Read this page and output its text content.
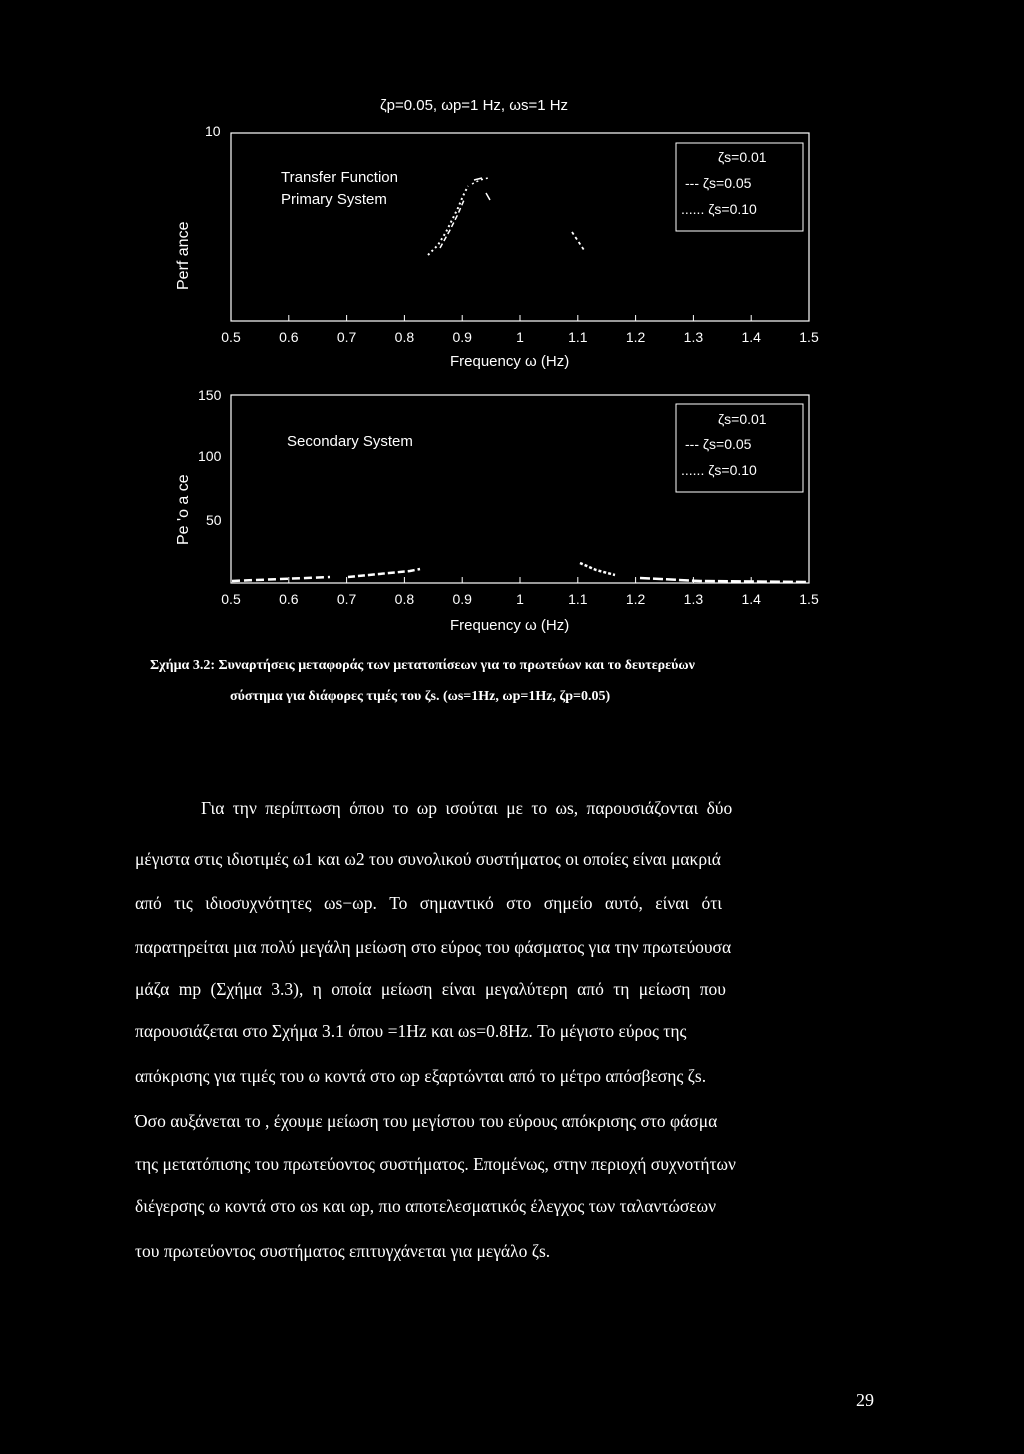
ζp=0.05, ωp=1 Hz, ωs=1 Hz
Perf ance
10
Transfer Function
Primary System
ζs=0.01
--- ζs=0.05
...... ζs=0.10
0.5	0.6	0.7	0.8	0.9	1	1.1	1.2	1.3	1.4	1.5
Frequency ω (Hz)
Pe 'o a ce
150
100
50
Secondary System
ζs=0.01
--- ζs=0.05
...... ζs=0.10
0.5	0.6	0.7	0.8	0.9	1	1.1	1.2	1.3	1.4	1.5
Frequency ω (Hz)
Σχήμα 3.2: Συναρτήσεις μεταφοράς των μετατοπίσεων για το πρωτεύων και το δευτερεύων
σύστημα για διάφορες τιμές του ζs. (ωs=1Hz, ωp=1Hz, ζp=0.05)
Για την περίπτωση όπου το ωp ισούται με το ωs, παρουσιάζονται δύο
μέγιστα στις ιδιοτιμές ω1 και ω2 του συνολικού συστήματος οι οποίες είναι μακριά
από τις ιδιοσυχνότητες ωs−ωp. Το σημαντικό στο σημείο αυτό, είναι ότι
παρατηρείται μια πολύ μεγάλη μείωση στο εύρος του φάσματος για την πρωτεύουσα
μάζα mp (Σχήμα 3.3), η οποία μείωση είναι μεγαλύτερη από τη μείωση που
παρουσιάζεται στο Σχήμα 3.1 όπου =1Hz και ωs=0.8Hz. Το μέγιστο εύρος της
απόκρισης για τιμές του ω κοντά στο ωp εξαρτώνται από το μέτρο απόσβεσης ζs.
Όσο αυξάνεται το , έχουμε μείωση του μεγίστου του εύρους απόκρισης στο φάσμα
της μετατόπισης του πρωτεύοντος συστήματος. Επομένως, στην περιοχή συχνοτήτων
διέγερσης ω κοντά στο ωs και ωp, πιο αποτελεσματικός έλεγχος των ταλαντώσεων
του πρωτεύοντος συστήματος επιτυγχάνεται για μεγάλο ζs.
29
